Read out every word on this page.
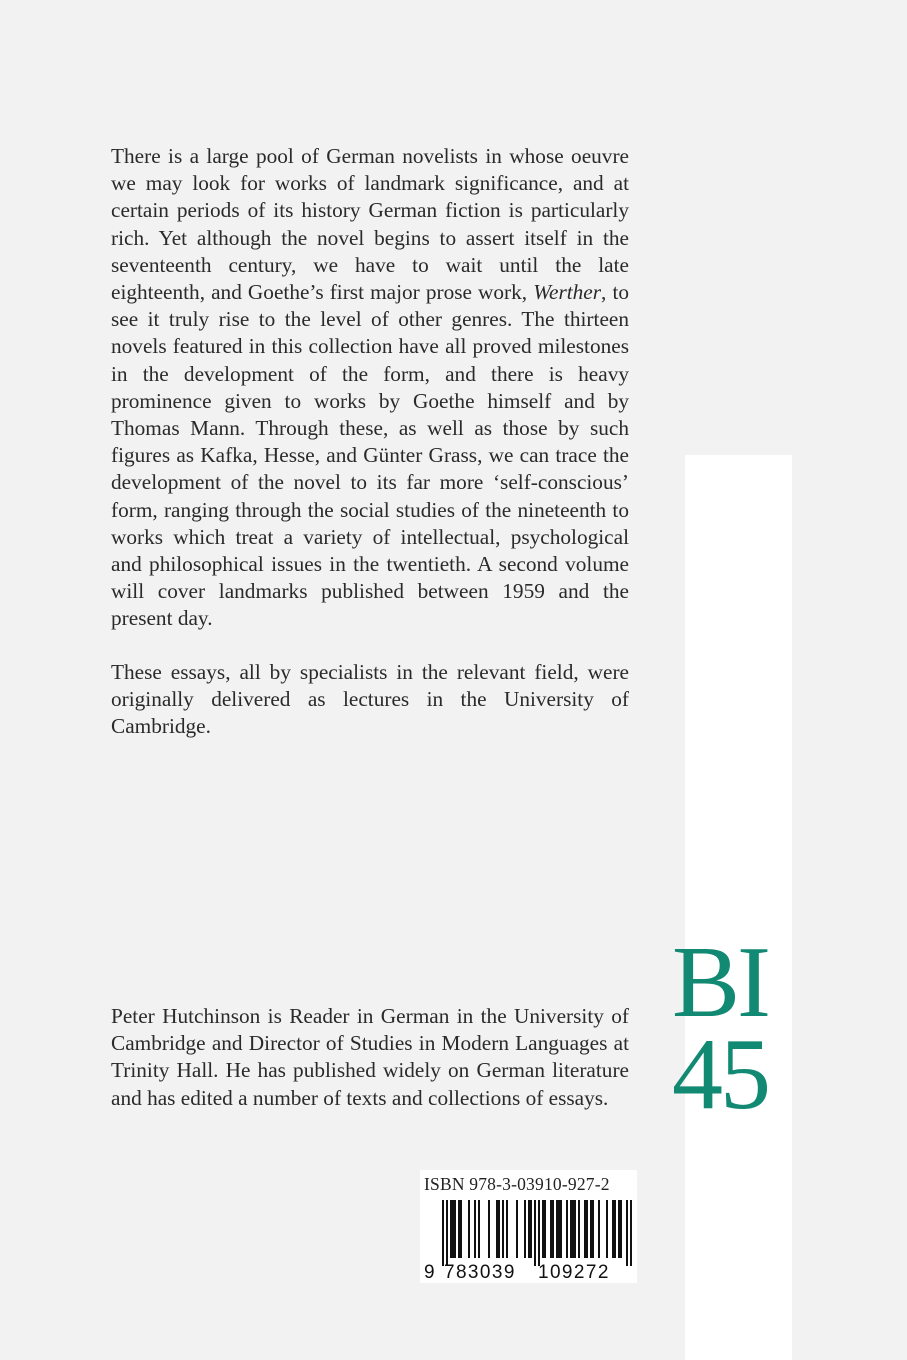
There is a large pool of German novelists in whose oeuvre we may look for works of landmark significance, and at certain periods of its history German fiction is particularly rich. Yet although the novel begins to assert itself in the seventeenth century, we have to wait until the late eighteenth, and Goethe’s first major prose work, Werther, to see it truly rise to the level of other genres. The thirteen novels featured in this collection have all proved milestones in the development of the form, and there is heavy prominence given to works by Goethe himself and by Thomas Mann. Through these, as well as those by such figures as Kafka, Hesse, and Günter Grass, we can trace the development of the novel to its far more ‘self-conscious’ form, ranging through the social studies of the nineteenth to works which treat a variety of intellectual, psychological and philosophical issues in the twentieth. A second volume will cover landmarks published between 1959 and the present day.

These essays, all by specialists in the relevant field, were originally delivered as lectures in the University of Cambridge.

BI
45

Peter Hutchinson is Reader in German in the University of Cambridge and Director of Studies in Modern Languages at Trinity Hall. He has published widely on German literature and has edited a number of texts and collections of essays.

ISBN 978-3-03910-927-2
9 783039 109272
